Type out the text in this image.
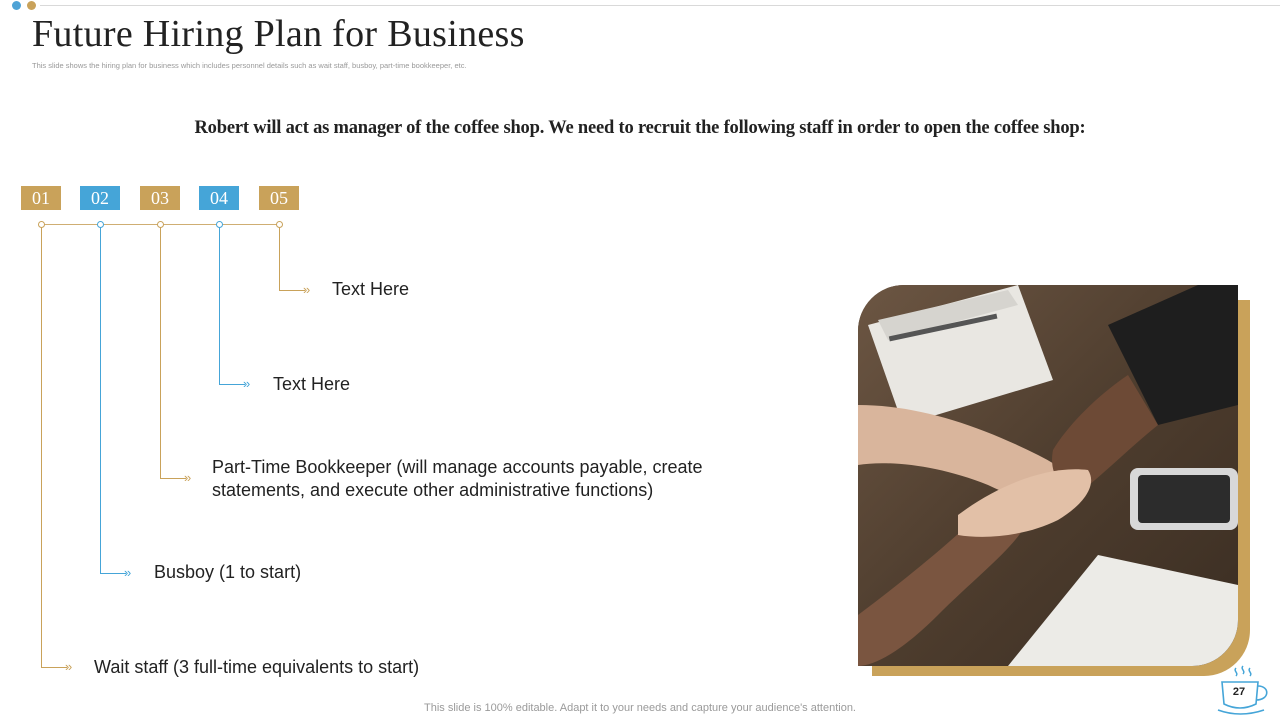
Future Hiring Plan for Business
This slide shows the hiring plan for business which includes personnel details such as wait staff, busboy, part-time bookkeeper, etc.
Robert will act as manager of the coffee shop. We need to recruit the following staff in order to open the coffee shop:
01	02	03	04	05
»
»
»
»
» Text Here
Text Here
Part-Time Bookkeeper (will manage accounts payable, create statements, and execute other administrative functions)
Busboy (1 to start)
Wait staff (3 full-time equivalents to start)
This slide is 100% editable. Adapt it to your needs and capture your audience's attention.
27
